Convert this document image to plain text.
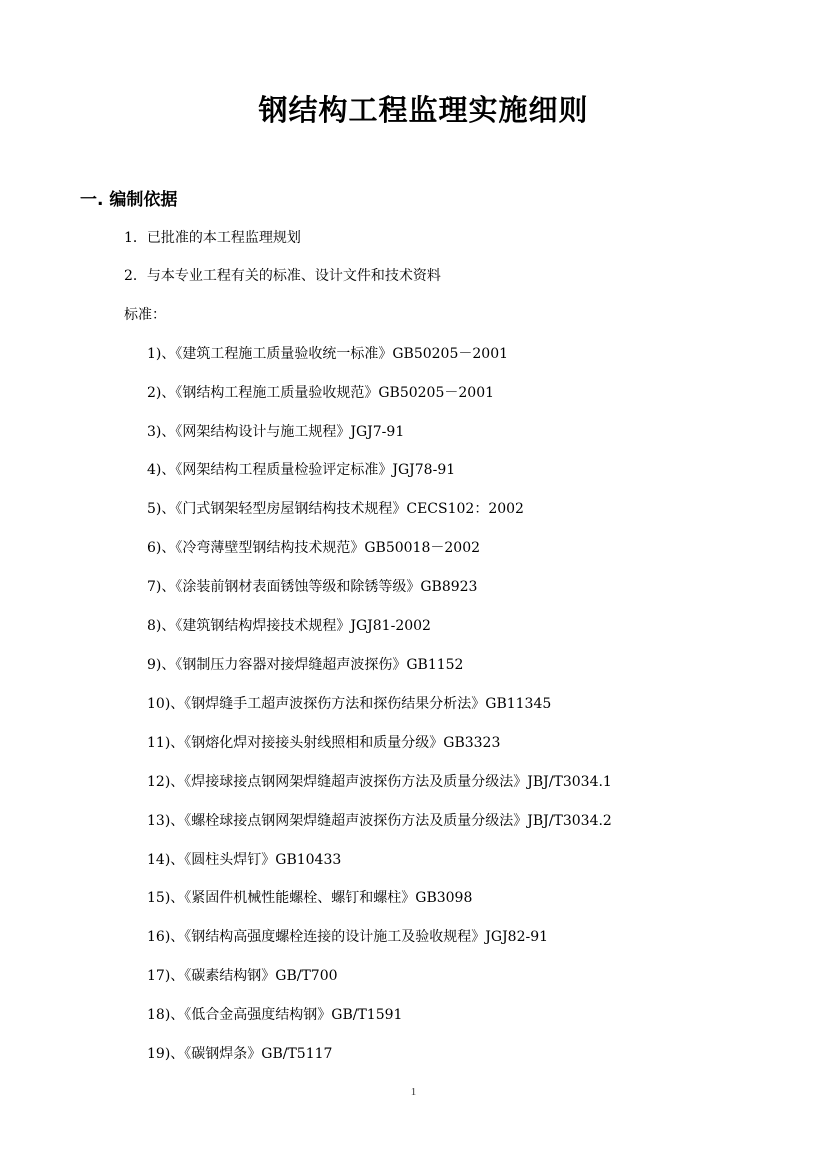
钢结构工程监理实施细则
一. 编制依据
1．已批准的本工程监理规划
2．与本专业工程有关的标准、设计文件和技术资料
标准：
1)、《建筑工程施工质量验收统一标准》GB50205－2001
2)、《钢结构工程施工质量验收规范》GB50205－2001
3)、《网架结构设计与施工规程》JGJ7-91
4)、《网架结构工程质量检验评定标准》JGJ78-91
5)、《门式钢架轻型房屋钢结构技术规程》CECS102：2002
6)、《冷弯薄壁型钢结构技术规范》GB50018－2002
7)、《涂装前钢材表面锈蚀等级和除锈等级》GB8923
8)、《建筑钢结构焊接技术规程》JGJ81-2002
9)、《钢制压力容器对接焊缝超声波探伤》GB1152
10)、《钢焊缝手工超声波探伤方法和探伤结果分析法》GB11345
11)、《钢熔化焊对接接头射线照相和质量分级》GB3323
12)、《焊接球接点钢网架焊缝超声波探伤方法及质量分级法》JBJ/T3034.1
13)、《螺栓球接点钢网架焊缝超声波探伤方法及质量分级法》JBJ/T3034.2
14)、《圆柱头焊钉》GB10433
15)、《紧固件机械性能螺栓、螺钉和螺柱》GB3098
16)、《钢结构高强度螺栓连接的设计施工及验收规程》JGJ82-91
17)、《碳素结构钢》GB/T700
18)、《低合金高强度结构钢》GB/T1591
19)、《碳钢焊条》GB/T5117
1
